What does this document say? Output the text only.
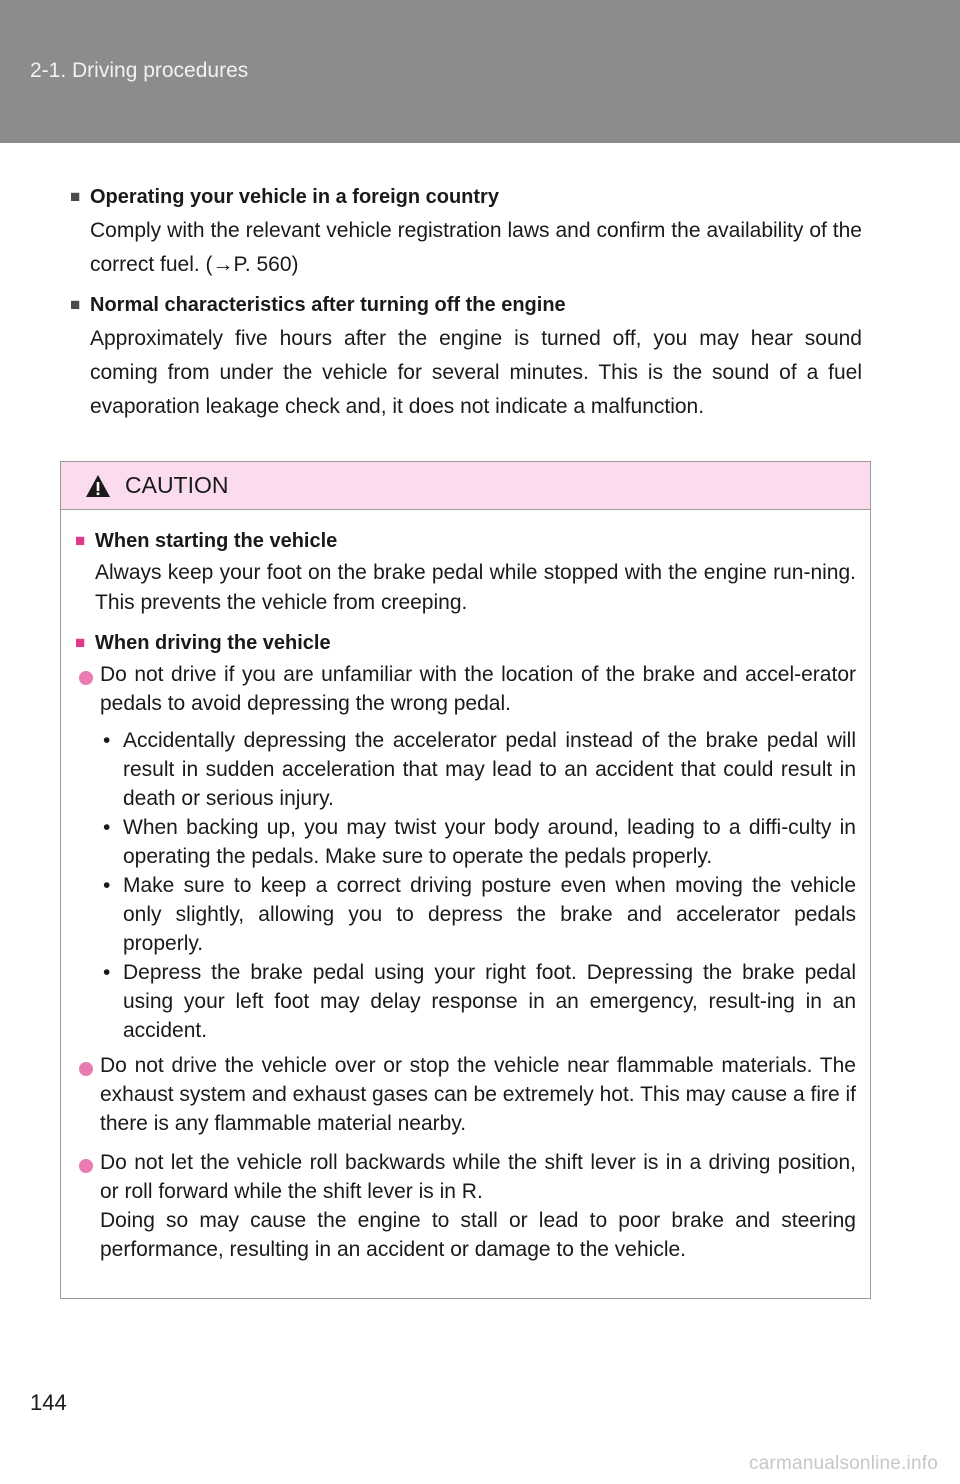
2-1. Driving procedures
■ Operating your vehicle in a foreign country
Comply with the relevant vehicle registration laws and confirm the availability of the correct fuel. (→P. 560)
■ Normal characteristics after turning off the engine
Approximately five hours after the engine is turned off, you may hear sound coming from under the vehicle for several minutes. This is the sound of a fuel evaporation leakage check and, it does not indicate a malfunction.
CAUTION
■ When starting the vehicle
Always keep your foot on the brake pedal while stopped with the engine run-ning. This prevents the vehicle from creeping.
■ When driving the vehicle
Do not drive if you are unfamiliar with the location of the brake and accel-erator pedals to avoid depressing the wrong pedal.
• Accidentally depressing the accelerator pedal instead of the brake pedal will result in sudden acceleration that may lead to an accident that could result in death or serious injury.
• When backing up, you may twist your body around, leading to a diffi-culty in operating the pedals. Make sure to operate the pedals properly.
• Make sure to keep a correct driving posture even when moving the vehicle only slightly, allowing you to depress the brake and accelerator pedals properly.
• Depress the brake pedal using your right foot. Depressing the brake pedal using your left foot may delay response in an emergency, result-ing in an accident.
Do not drive the vehicle over or stop the vehicle near flammable materials. The exhaust system and exhaust gases can be extremely hot. This may cause a fire if there is any flammable material nearby.
Do not let the vehicle roll backwards while the shift lever is in a driving position, or roll forward while the shift lever is in R.
Doing so may cause the engine to stall or lead to poor brake and steering performance, resulting in an accident or damage to the vehicle.
144
carmanualsonline.info
